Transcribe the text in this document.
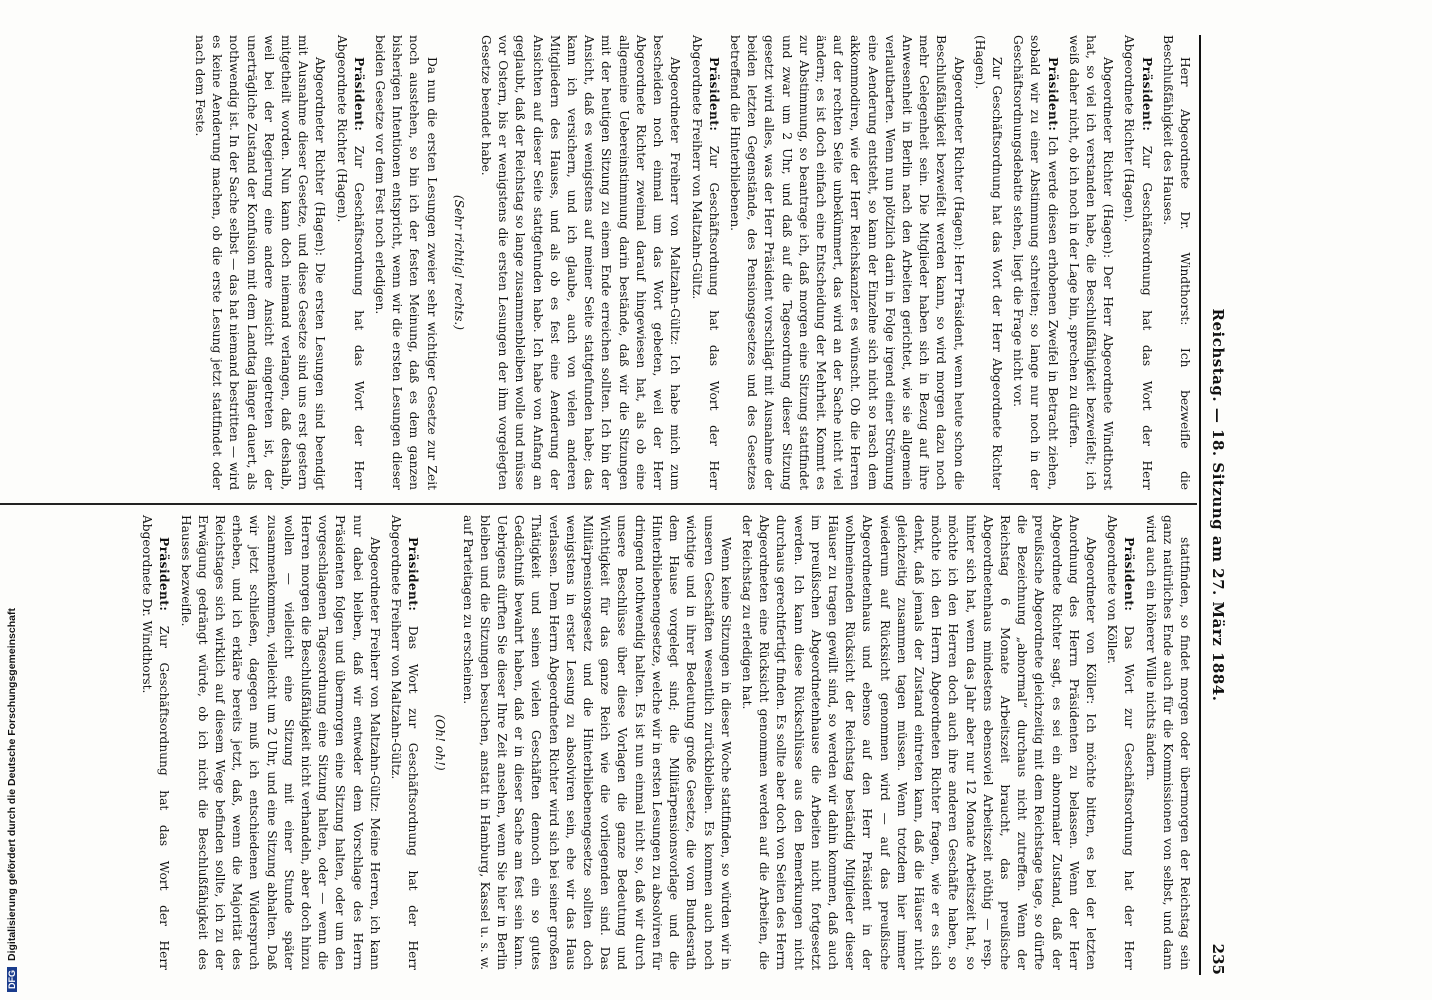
DFGDigitalisierung gefördert durch die Deutsche Forschungsgemeinschaft
Reichstag. — 18. Sitzung am 27. März 1884.
235

Herr Abgeordnete Dr. Windthorst: Ich bezweifle die Beschlußfähigkeit des Hauses.

Präsident: Zur Geschäftsordnung hat das Wort der Herr Abgeordnete Richter (Hagen).

Abgeordneter Richter (Hagen): Der Herr Abgeordnete Windthorst hat, so viel ich verstanden habe, die Beschlußfähigkeit bezweifelt; ich weiß daher nicht, ob ich noch in der Lage bin, sprechen zu dürfen.

Präsident: Ich werde diesen erhobenen Zweifel in Betracht ziehen, sobald wir zu einer Abstimmung schreiten; so lange nur noch in der Geschäftsordnungsdebatte stehen, liegt die Frage nicht vor.

Zur Geschäftsordnung hat das Wort der Herr Abgeordnete Richter (Hagen).

Abgeordneter Richter (Hagen): Herr Präsident, wenn heute schon die Beschlußfähigkeit bezweifelt werden kann, so wird morgen dazu noch mehr Gelegenheit sein. Die Mitglieder haben sich in Bezug auf ihre Anwesenheit in Berlin nach den Arbeiten gerichtet, wie sie allgemein verlautbarten. Wenn nun plötzlich darin in Folge irgend einer Strömung eine Aenderung entsteht, so kann der Einzelne sich nicht so rasch dem akkommodiren, wie der Herr Reichskanzler es wünscht. Ob die Herren auf der rechten Seite unbekümmert, das wird an der Sache nicht viel ändern; es ist doch einfach eine Entscheidung der Mehrheit. Kommt es zur Abstimmung, so beantrage ich, daß morgen eine Sitzung stattfindet und zwar um 2 Uhr, und daß auf die Tagesordnung dieser Sitzung gesetzt wird alles, was der Herr Präsident vorschlägt mit Ausnahme der beiden letzten Gegenstände, des Pensionsgesetzes und des Gesetzes betreffend die Hinterbliebenen.

Präsident: Zur Geschäftsordnung hat das Wort der Herr Abgeordnete Freiherr von Maltzahn-Gültz.

Abgeordneter Freiherr von Maltzahn-Gültz: Ich habe mich zum bescheiden noch einmal um das Wort gebeten, weil der Herr Abgeordnete Richter zweimal darauf hingewiesen hat, als ob eine allgemeine Uebereinstimmung darin bestände, daß wir die Sitzungen mit der heutigen Sitzung zu einem Ende erreichen sollten. Ich bin der Ansicht, daß es wenigstens auf meiner Seite stattgefunden habe; das kann ich versichern, und ich glaube, auch von vielen anderen Mitgliedern des Hauses, und als ob es fest eine Aenderung der Ansichten auf dieser Seite stattgefunden habe. Ich habe von Anfang an geglaubt, daß der Reichstag so lange zusammenbleiben wolle und müsse vor Ostern, bis er wenigstens die ersten Lesungen der ihm vorgelegten Gesetze beendet habe.

(Sehr richtig! rechts.)

Da nun die ersten Lesungen zweier sehr wichtiger Gesetze zur Zeit noch ausstehen, so bin ich der festen Meinung, daß es dem ganzen bisherigen Intentionen entspricht, wenn wir die ersten Lesungen dieser beiden Gesetze vor dem Fest noch erledigen.

Präsident: Zur Geschäftsordnung hat das Wort der Herr Abgeordnete Richter (Hagen).

Abgeordneter Richter (Hagen): Die ersten Lesungen sind beendigt mit Ausnahme dieser Gesetze, und diese Gesetze sind uns erst gestern mitgetheilt worden. Nun kann doch niemand verlangen, daß deshalb, weil bei der Regierung eine andere Ansicht eingetreten ist, der unerträgliche Zustand der Konfusion mit dem Landtag länger dauert, als nothwendig ist. In der Sache selbst — das hat niemand bestritten — wird es keine Aenderung machen, ob die erste Lesung jetzt stattfindet oder nach dem Feste.

stattfinden, so findet morgen oder übermorgen der Reichstag sein ganz natürliches Ende auch für die Kommissionen von selbst, und dann wird auch ein höherer Wille nichts ändern.

Präsident: Das Wort zur Geschäftsordnung hat der Herr Abgeordnete von Köller.

Abgeordneter von Köller: Ich möchte bitten, es bei der letzten Anordnung des Herrn Präsidenten zu belassen. Wenn der Herr Abgeordnete Richter sagt, es sei ein abnormaler Zustand, daß der preußische Abgeordnete gleichzeitig mit dem Reichstage tage, so dürfte die Bezeichnung „abnormal“ durchaus nicht zutreffen. Wenn der Reichstag 6 Monate Arbeitszeit braucht, das preußische Abgeordnetenhaus mindestens ebensoviel Arbeitszeit nöthig — resp. hinter sich hat, wenn das Jahr aber nur 12 Monate Arbeitszeit hat, so möchte ich den Herren doch auch ihre anderen Geschäfte haben, so möchte ich den Herrn Abgeordneten Richter fragen, wie er es sich denkt, daß jemals der Zustand eintreten kann, daß die Häuser nicht gleichzeitig zusammen tagen müssen. Wenn trotzdem hier immer wiederum auf Rücksicht genommen wird — auf das preußische Abgeordnetenhaus und ebenso auf den Herr Präsident in der wohlmeinenden Rücksicht der Reichstag beständig Mitglieder dieser Häuser zu tragen gewillt sind, so werden wir dahin kommen, daß auch im preußischen Abgeordnetenhause die Arbeiten nicht fortgesetzt werden. Ich kann diese Rückschlüsse aus den Bemerkungen nicht durchaus gerechtfertigt finden. Es sollte aber doch von Seiten des Herrn Abgeordneten eine Rücksicht genommen werden auf die Arbeiten, die der Reichstag zu erledigen hat.

Wenn keine Sitzungen in dieser Woche stattfinden, so würden wir in unseren Geschäften wesentlich zurückbleiben. Es kommen auch noch wichtige und in ihrer Bedeutung große Gesetze, die vom Bundesrath dem Hause vorgelegt sind; die Militärpensionsvorlage und die Hinterbliebenengesetze, welche wir in ersten Lesungen zu absolviren für dringend nothwendig halten. Es ist nun einmal nicht so, daß wir durch unsere Beschlüsse über diese Vorlagen die ganze Bedeutung und Wichtigkeit für das ganze Reich wie die vorliegenden sind. Das Militärpensionsgesetz und die Hinterbliebenengesetze sollten doch wenigstens in erster Lesung zu absolviren sein, ehe wir das Haus verlassen. Dem Herrn Abgeordneten Richter wird sich bei seiner großen Thätigkeit und seinen vielen Geschäften dennoch ein so gutes Gedächtniß bewahrt haben, daß er in dieser Sache am fest sein kann. Uebrigens dürften Sie dieser Ihre Zeit ansehen, wenn Sie hier in Berlin bleiben und die Sitzungen besuchen, anstatt in Hamburg, Kassel u. s. w. auf Parteitagen zu erscheinen.

(Oh! oh!)

Präsident: Das Wort zur Geschäftsordnung hat der Herr Abgeordnete Freiherr von Maltzahn-Gültz.

Abgeordneter Freiherr von Maltzahn-Gültz: Meine Herren, ich kann nur dabei bleiben, daß wir entweder dem Vorschlage des Herrn Präsidenten folgen und übermorgen eine Sitzung halten, oder um den vorgeschlagenen Tagesordnung eine Sitzung halten, oder — wenn die Herren morgen die Beschlußfähigkeit nicht verhandeln, aber doch hinzu wollen — vielleicht eine Sitzung mit einer Stunde später zusammenkommen, vielleicht um 2 Uhr, und eine Sitzung abhalten. Daß wir jetzt schließen, dagegen muß ich entschiedenen Widerspruch erheben, und ich erkläre bereits jetzt, daß, wenn die Majorität des Reichstages sich wirklich auf diesem Wege befinden sollte, ich zu der Erwägung gedrängt würde, ob ich nicht die Beschlußfähigkeit des Hauses bezweifle.

Präsident: Zur Geschäftsordnung hat das Wort der Herr Abgeordnete Dr. Windthorst.
